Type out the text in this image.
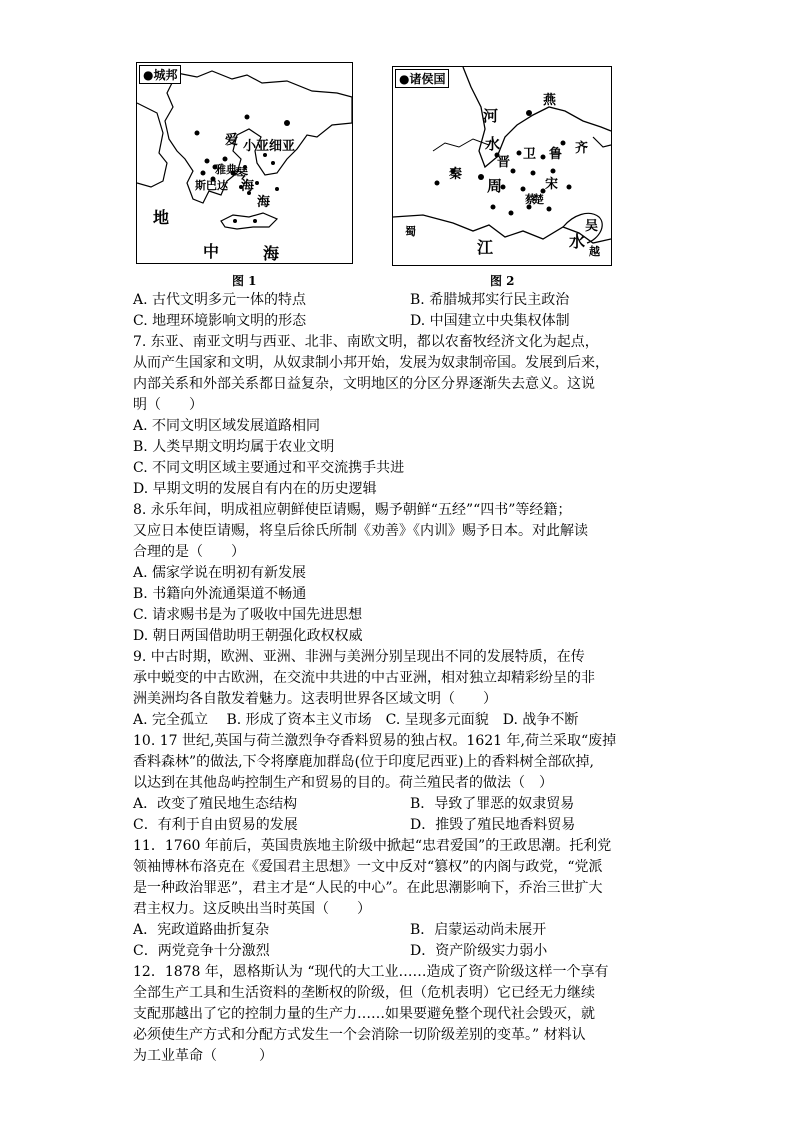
●城邦
爱
琴
海
小亚细亚
斯巴达
雅典
海
地
中	海
图 1
●诸侯国
燕
河
水
晋
卫 鲁 齐
秦
周	宋
蔡
楚
吴
越
蜀
江	水
图 2
A. 古代文明多元一体的特点	B. 希腊城邦实行民主政治
C. 地理环境影响文明的形态	D. 中国建立中央集权体制
7. 东亚、南亚文明与西亚、北非、南欧文明，都以农畜牧经济文化为起点，
从而产生国家和文明，从奴隶制小邦开始，发展为奴隶制帝国。发展到后来，
内部关系和外部关系都日益复杂，文明地区的分区分界逐渐失去意义。这说
明（　　）
A. 不同文明区域发展道路相同
B. 人类早期文明均属于农业文明
C. 不同文明区域主要通过和平交流携手共进
D. 早期文明的发展自有内在的历史逻辑
8. 永乐年间，明成祖应朝鲜使臣请赐，赐予朝鲜“五经”“四书”等经籍；
又应日本使臣请赐，将皇后徐氏所制《劝善》《内训》赐予日本。对此解读
合理的是（　　）
A. 儒家学说在明初有新发展
B. 书籍向外流通渠道不畅通
C. 请求赐书是为了吸收中国先进思想
D. 朝日两国借助明王朝强化政权权威
9. 中古时期，欧洲、亚洲、非洲与美洲分别呈现出不同的发展特质，在传
承中蜕变的中古欧洲，在交流中共进的中古亚洲，相对独立却精彩纷呈的非
洲美洲均各自散发着魅力。这表明世界各区域文明（　　）
A. 完全孤立　 B. 形成了资本主义市场　C. 呈现多元面貌　D. 战争不断
10. 17 世纪,英国与荷兰激烈争夺香料贸易的独占权。1621 年,荷兰采取“废掉
香料森林”的做法,下令将摩鹿加群岛(位于印度尼西亚)上的香料树全部砍掉,
以达到在其他岛屿控制生产和贸易的目的。荷兰殖民者的做法（　）
A．改变了殖民地生态结构	B．导致了罪恶的奴隶贸易
C．有利于自由贸易的发展	D．推毁了殖民地香料贸易
11．1760 年前后，英国贵族地主阶级中掀起“忠君爱国”的王政思潮。托利党
领袖博林布洛克在《爱国君主思想》一文中反对“篡权”的内阁与政党，“党派
是一种政治罪恶”，君主才是“人民的中心”。在此思潮影响下，乔治三世扩大
君主权力。这反映出当时英国（　　）
A．宪政道路曲折复杂	B．启蒙运动尚未展开
C．两党竞争十分激烈	D．资产阶级实力弱小
12．1878 年，恩格斯认为 “现代的大工业……造成了资产阶级这样一个享有
全部生产工具和生活资料的垄断权的阶级，但（危机表明）它已经无力继续
支配那越出了它的控制力量的生产力……如果要避免整个现代社会毁灭，就
必须使生产方式和分配方式发生一个会消除一切阶级差别的变革。” 材料认
为工业革命（　　　）
